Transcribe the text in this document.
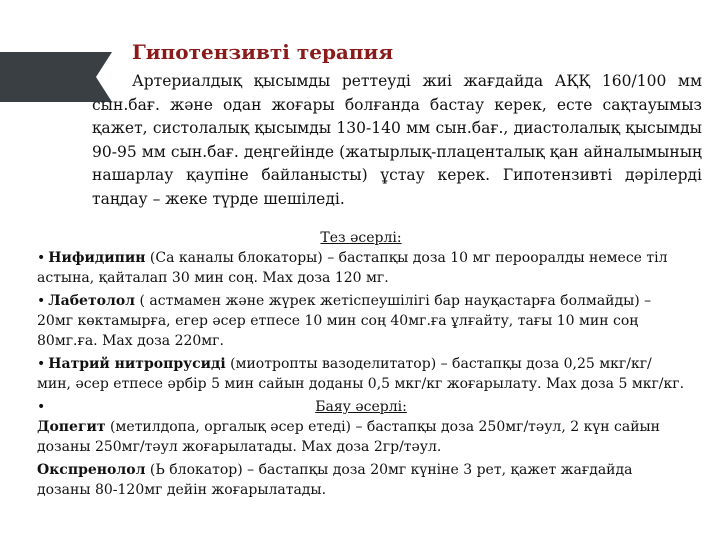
Гипотензивті терапия
Артериалдық қысымды реттеуді жиі жағдайда АҚҚ 160/100 мм сын.бағ. және одан жоғары болғанда бастау керек, есте сақтауымыз қажет, систолалық қысымды 130-140 мм сын.бағ., диастолалық қысымды 90-95 мм сын.бағ. деңгейінде (жатырлық-плаценталық қан айналымының нашарлау қаупіне байланысты) ұстау керек. Гипотензивті дәрілерді таңдау – жеке түрде шешіледі.
Тез әсерлі:
• Нифидипин (Са каналы блокаторы) – бастапқы доза 10 мг перооралды немесе тіл астына, қайталап 30 мин соң. Мах доза 120 мг.
• Лабетолол ( астмамен және жүрек жетіспеушілігі бар науқастарға болмайды) – 20мг көктамырға, егер әсер етпесе 10 мин соң 40мг.ға ұлғайту, тағы 10 мин соң 80мг.ға. Мах доза 220мг.
• Натрий нитропрусиді (миотропты вазоделитатор) – бастапқы доза 0,25 мкг/кг/мин, әсер етпесе әрбір 5 мин сайын доданы 0,5 мкг/кг жоғарылату. Мах доза 5 мкг/кг.
•	Баяу әсерлі:
Допегит (метилдопа, оргалық әсер етеді) – бастапқы доза 250мг/тәул, 2 күн сайын дозаны 250мг/тәул жоғарылатады. Мах доза 2гр/тәул.
Окспренолол (Ь блокатор) – бастапқы доза 20мг күніне 3 рет, қажет жағдайда дозаны 80-120мг дейін жоғарылатады.
